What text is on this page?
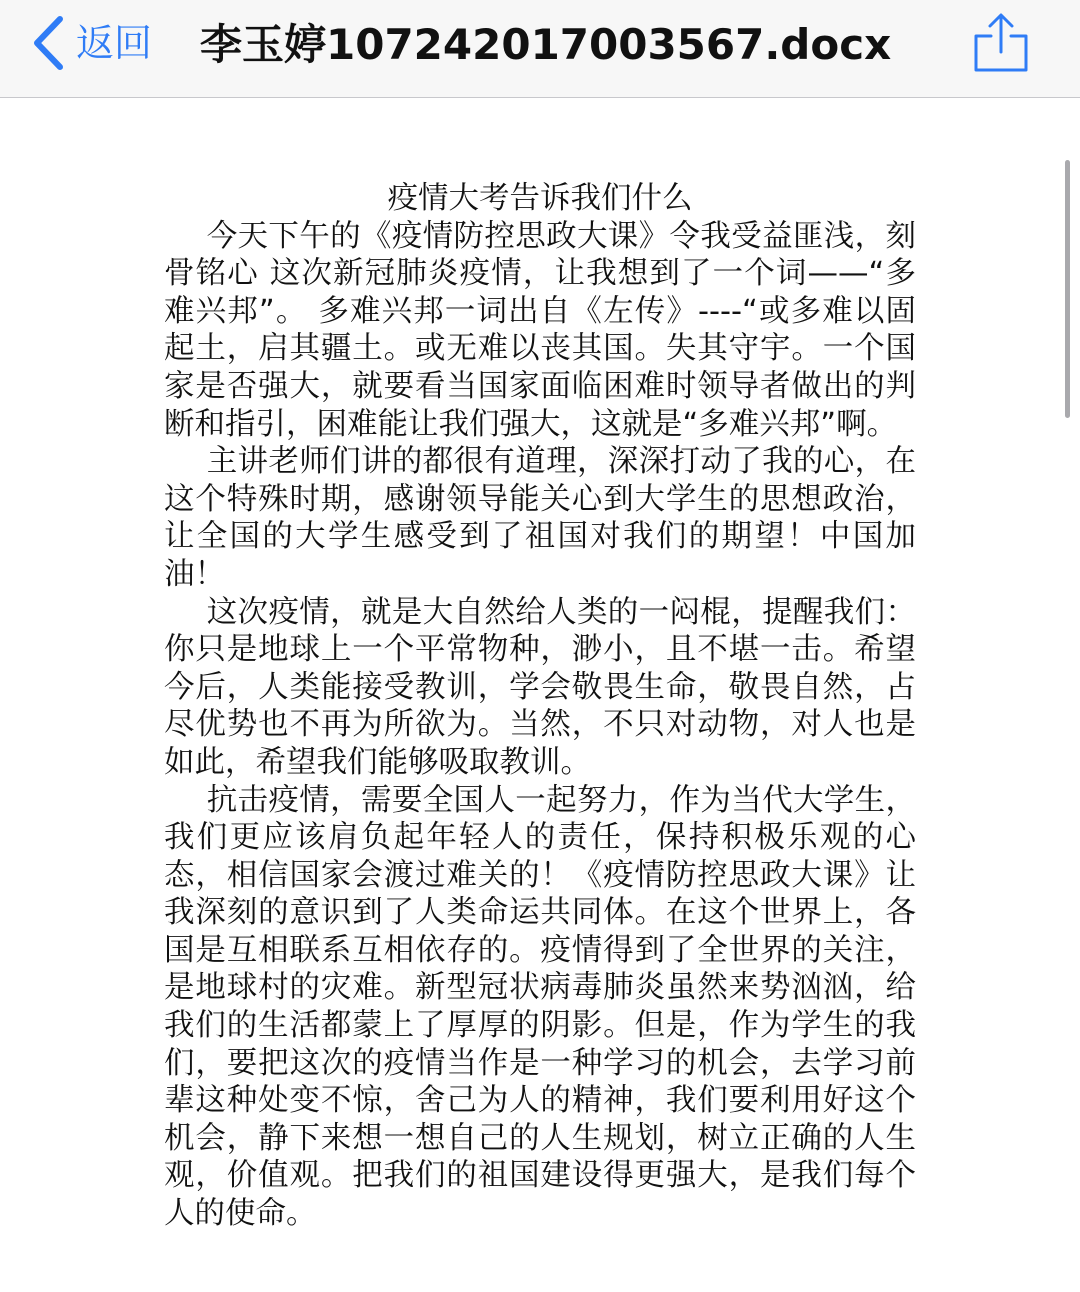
返回 李玉婷107242017003567.docx
疫情大考告诉我们什么

今天下午的《疫情防控思政大课》令我受益匪浅，刻骨铭心 这次新冠肺炎疫情，让我想到了一个词——“多难兴邦”。 多难兴邦一词出自《左传》----“或多难以固起土，启其疆土。或无难以丧其国。失其守宇。一个国家是否强大，就要看当国家面临困难时领导者做出的判断和指引，困难能让我们强大，这就是“多难兴邦”啊。

主讲老师们讲的都很有道理，深深打动了我的心，在这个特殊时期，感谢领导能关心到大学生的思想政治，让全国的大学生感受到了祖国对我们的期望！中国加油！

这次疫情，就是大自然给人类的一闷棍，提醒我们： 你只是地球上一个平常物种，渺小，且不堪一击。希望今后，人类能接受教训，学会敬畏生命，敬畏自然，占尽优势也不再为所欲为。当然，不只对动物，对人也是如此，希望我们能够吸取教训。

抗击疫情，需要全国人一起努力，作为当代大学生，我们更应该肩负起年轻人的责任，保持积极乐观的心态，相信国家会渡过难关的！《疫情防控思政大课》让我深刻的意识到了人类命运共同体。在这个世界上，各国是互相联系互相依存的。疫情得到了全世界的关注，是地球村的灾难。新型冠状病毒肺炎虽然来势汹汹，给我们的生活都蒙上了厚厚的阴影。但是，作为学生的我们，要把这次的疫情当作是一种学习的机会，去学习前辈这种处变不惊，舍己为人的精神，我们要利用好这个机会，静下来想一想自己的人生规划，树立正确的人生观，价值观。把我们的祖国建设得更强大，是我们每个人的使命。
